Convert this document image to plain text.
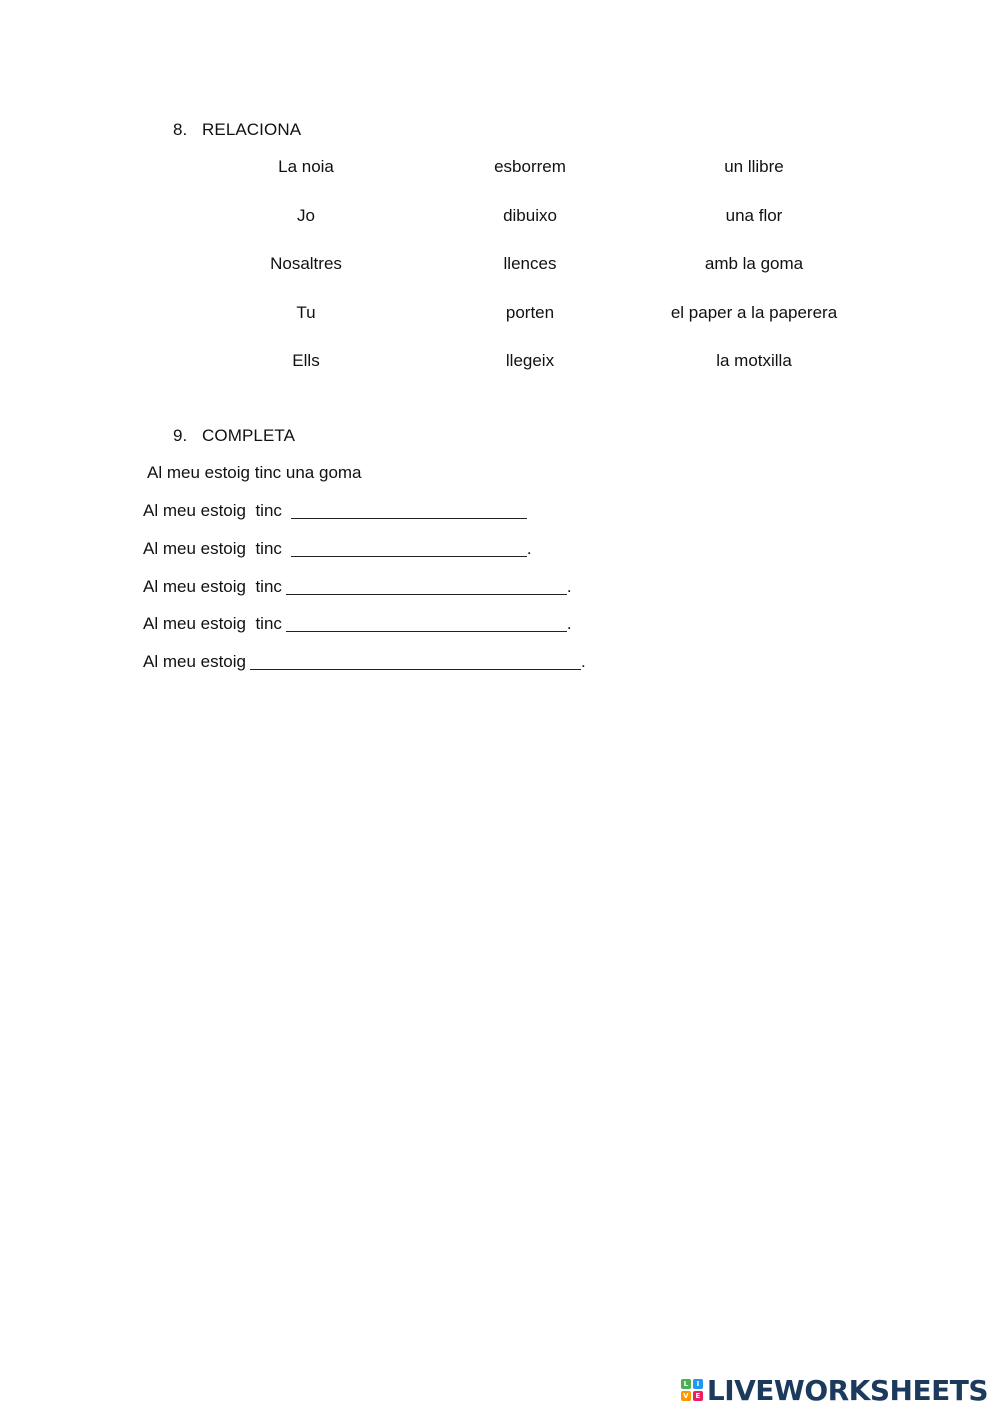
8. RELACIONA
La noia	esborrem	un llibre
Jo	dibuixo	una flor
Nosaltres	llences	amb la goma
Tu	porten	el paper a la paperera
Ells	llegeix	la motxilla
9. COMPLETA
Al meu estoig tinc una goma
Al meu estoig  tinc
Al meu estoig  tinc	.
Al meu estoig  tinc	.
Al meu estoig  tinc	.
Al meu estoig	.
L	I
V E LIVEWORKSHEETS
